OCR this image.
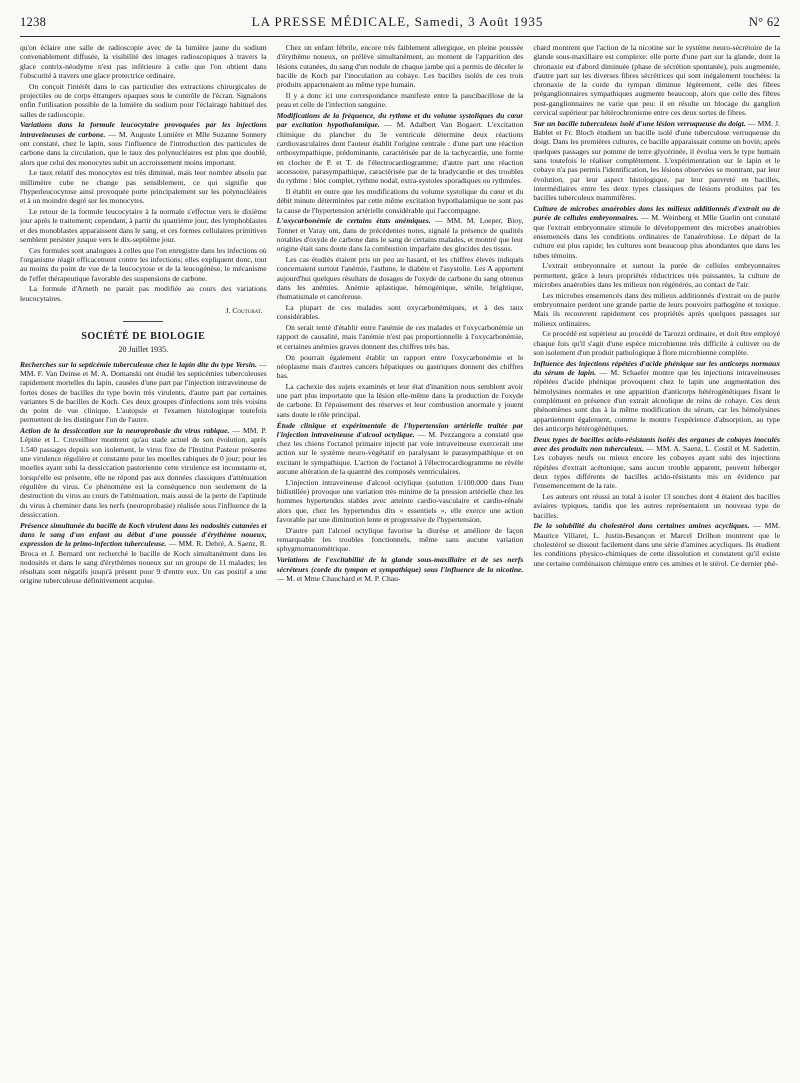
1238	LA PRESSE MÉDICALE, Samedi, 3 Août 1935	N° 62

qu'on éclaire une salle de radioscopie avec de la lumière jaune du sodium convenablement diffusée, la visibilité des images radioscopiques à travers la glace contrix-néodyme n'est pas inférieure à celle que l'on obtient dans l'obscurité à travers une glace protectrice ordinaire.

On conçoit l'intérêt dans le cas particulier des extractions chirurgicales de projectiles ou de corps étrangers opaques sous le contrôle de l'écran. Signalons enfin l'utilisation possible de la lumière du sodium pour l'éclairage habituel des salles de radioscopie.

Variations dans la formule leucocytaire provoquées par les injections intraveineuses de carbone. — M. Auguste Lumière et Mlle Suzanne Sonnery ont constaté, chez le lapin, sous l'influence de l'introduction des particules de carbone dans la circulation, que le taux des polynucléaires est plus que doublé, alors que celui des monocytes subit un accroissement moins important.

Le taux relatif des monocytes est très diminué, mais leur nombre absolu par millimètre cube ne change pas sensiblement, ce qui signifie que l'hyperleucocytose ainsi provoquée porte principalement sur les polynucléaires et à un moindre degré sur les monocytes.

Le retour de la formule leucocytaire à la normale s'effectue vers le dixième jour après le traitement; cependant, à partir du quatrième jour, des lymphoblastes et des monoblastes apparaissent dans le sang, et ces formes cellulaires primitives semblent persister jusque vers le dix-septième jour.

Ces formules sont analogues à celles que l'on enregistre dans les infections où l'organisme réagit efficacement contre les infections; elles expliquent donc, tout au moins du point de vue de la leucocytose et de la leucogénèse, le mécanisme de l'effet thérapeutique favorable des suspensions de carbone.

La formule d'Arneth ne parait pas modifiée au cours des variations leucocytaires.

J. Couturat.

SOCIÉTÉ DE BIOLOGIE

20 Juillet 1935.

Recherches sur la septicémie tuberculeuse chez le lapin dite du type Yersin. — MM. F. Van Deinse et M. A. Domanski ont étudié les septicémies tuberculeuses rapidement mortelles du lapin, causées d'une part par l'injection intraveineuse de fortes doses de bacilles du type bovin très virulents, d'autre part par certaines variantes S de bacilles de Koch. Ces deux groupes d'infections sont très voisins du point de vue clinique. L'autopsie et l'examen histologique toutefois permettent de les distinguer l'un de l'autre.

Action de la dessiccation sur la neuroprobasie du virus rabique. — MM. P. Lépine et L. Cruveilhier montrent qu'au stade actuel de son évolution, après 1.540 passages depuis son isolement, le virus fixe de l'Institut Pasteur présente une virulence régulière et constante pour les moelles rabiques de 0 jour; pour les moelles ayant subi la dessiccation pastorienne cette virulence est inconstante et, lorsqu'elle est présente, elle ne répond pas aux données classiques d'atténuation régulière du virus. Ce phénomène est la conséquence non seulement de la destruction du virus au cours de l'atténuation, mais aussi de la perte de l'aptitude du virus à cheminer dans les nerfs (neuroprobasie) réalisée sous l'influence de la dessiccation.

Présence simultanée du bacille de Koch virulent dans les nodosités cutanées et dans le sang d'un enfant au début d'une poussée d'érythème noueux, expression de la primo-infection tuberculeuse. — MM. R. Debré, A. Saenz, R. Broca et J. Bernard ont recherché le bacille de Koch simultanément dans les nodosités et dans le sang d'érythèmes noueux sur un groupe de 11 malades; les résultats sont négatifs jusqu'à présent pour 9 d'entre eux. Un cas positif a une origine tuberculeuse définitivement acquise.

Chez un enfant fébrile, encore très faiblement allergique, en pleine poussée d'érythème noueux, on prélève simultanément, au moment de l'apparition des lésions cutanées, du sang d'un nodule de chaque jambe qui a permis de déceler le bacille de Koch par l'inoculation au cobaye. Les bacilles isolés de ces trois produits appartenaient au même type humain.

Il y a donc ici une correspondance manifeste entre la paucibacillose de la peau et celle de l'infection sanguine.

Modifications de la fréquence, du rythme et du volume systoliques du cœur par excitation hypothalamique. — M. Adalbert Van Bogaert. L'excitation chimique du plancher du 3e ventricule détermine deux réactions cardiovasculaires dont l'auteur établit l'origine centrale : d'une part une réaction orthosympathique, prédominante, caractérisée par de la tachycardie, une forme en clocher de P. et T. de l'électrocardiogramme; d'autre part une réaction accessoire, parasympathique, caractérisée par de la bradycardie et des troubles du rythme : bloc complet, rythme nodal, extra-systoles sporadiques ou rythmées.

Il établit en outre que les modifications du volume systolique du cœur et du débit minute déterminées par cette même excitation hypothalamique ne sont pas la cause de l'hypertension artérielle considérable qui l'accompagne.

L'oxycarbonémie de certains états anémiques. — MM. M. Loeper, Bioy, Tonnet et Varay ont, dans de précédentes notes, signalé la présence de qualités notables d'oxyde de carbone dans le sang de certains malades, et montré que leur origine était sans doute dans la combustion imparfaite des glucides des tissus.

Les cas étudiés étaient pris un peu au hasard, et les chiffres élevés indiqués concernaient surtout l'anémie, l'asthme, le diabète et l'asystolie. Les A apportent aujourd'hui quelques résultats de dosages de l'oxyde de carbone du sang obtenus dans les anémies. Anémie aplastique, hémogénique, sénile, brightique, rhumatismale et cancéreuse.

La plupart de ces malades sont oxycarbonémiques, et à des taux considérables.

On serait tenté d'établir entre l'anémie de ces malades et l'oxycarbonémie un rapport de causalité, mais l'anémie n'est pas proportionnelle à l'oxycarbonémie, et certaines anémies graves donnent des chiffres très bas.

On pourrait également établir un rapport entre l'oxycarbonémie et le néoplasme mais d'autres cancers hépatiques ou gastriques donnent des chiffres bas.

La cachexie des sujets examinés et leur état d'inanition nous semblent avoir une part plus importante que la lésion elle-même dans la production de l'oxyde de carbone. Et l'épuisement des réserves et leur combustion anormale y jouent sans doute le rôle principal.

Étude clinique et expérimentale de l'hypertension artérielle traitée par l'injection intraveineuse d'alcool octylique. — M. Pezzangora a constaté que chez les chiens l'octanol primaire injecté par voie intraveineuse exercerait une action sur le système neuro-végétatif en paralysant le parasympathique et en excitant le sympathique. L'action de l'octanol à l'électrocardiogramme ne révèle aucune altération de la quantité des composés ventriculaires.

L'injection intraveineuse d'alcool octylique (solution 1/100.000 dans l'eau bidistillée) provoque une variation très minime de la pression artérielle chez les hommes hypertendus stables avec atteinte cardio-vasculaire et cardio-rénale alors que, chez les hypertendus dits « essentiels », elle exerce une action favorable par une diminution lente et progressive de l'hypertension.

D'autre part l'alcool octylique favorise la diurèse et améliore de façon remarquable les troubles fonctionnels, même sans aucune variation sphygmomanométrique.

Variations de l'excitabilité de la glande sous-maxillaire et de ses nerfs sécréteurs (corde du tympan et sympathique) sous l'influence de la nicotine. — M. et Mme Chauchard et M. P. Chau-

chard montrent que l'action de la nicotine sur le système neuro-sécrétoire de la glande sous-maxillaire est complexe: elle porte d'une part sur la glande, dont la chronaxie est d'abord diminuée (phase de sécrétion spontanée), puis augmentée, d'autre part sur les diverses fibres sécrétrices qui sont inégalement touchées: la chronaxie de la corde du tympan diminue légèrement, celle des fibres préganglionnaires sympathiques augmente beaucoup, alors que celle des fibres post-ganglionnaires ne varie que peu: il en résulte un blocage du ganglion cervical supérieur par hétérochronisme entre ces deux sortes de fibres.

Sur un bacille tuberculeux isolé d'une lésion verruqueuse du doigt. — MM. J. Bablet et Fr. Bloch étudient un bacille isolé d'une tuberculose verruqueuse du doigt. Dans les premières cultures, ce bacille apparaissait comme un bovin; après quelques passages sur pomme de terre glycérinée, il évolua vers le type humain sans toutefois le réaliser complètement. L'expérimentation sur le lapin et le cobaye n'a pas permis l'identification, les lésions observées se montrant, par leur évolution, par leur aspect histologique, par leur pauvreté en bacilles, intermédiaires entre les deux types classiques de lésions produites par les bacilles tuberculeux mammifères.

Culture de microbes anaérobies dans les milieux additionnés d'extrait ou de purée de cellules embryonnaires. — M. Weinberg et Mlle Guelin ont constaté que l'extrait embryonnaire stimule le développement des microbes anaérobies ensemencés dans les conditions ordinaires de l'anaérobiose. Le départ de la culture est plus rapide; les cultures sont beaucoup plus abondantes que dans les tubes témoins.

L'extrait embryonnaire et surtout la purée de cellules embryonnaires permettent, grâce à leurs propriétés réductrices très puissantes, la culture de microbes anaérobies dans les milieux non régénérés, au contact de l'air.

Les microbes ensemencés dans des milieux additionnés d'extrait ou de purée embryonnaire perdent une grande partie de leurs pouvoirs pathogène et toxique. Mais ils recouvrent rapidement ces propriétés après quelques passages sur milieux ordinaires.

Ce procédé est supérieur au procédé de Tarozzi ordinaire, et doit être employé chaque fois qu'il s'agit d'une espèce microbienne très difficile à cultiver ou de son isolement d'un produit pathologique à flore microbienne complète.

Influence des injections répétées d'acide phénique sur les anticorps normaux du sérum de lapin. — M. Schaefer montre que les injections intraveineuses répétées d'acide phénique provoquent chez le lapin une augmentation des hémolysines normales et une apparition d'anticorps hétérogénétiques fixant le complément en présence d'un extrait alcoolique de reins de cobaye. Ces deux phénomènes sont dus à la même modification du sérum, car les hémolysines appartiennent également, comme le montre l'expérience d'absorption, au type des anticorps hétérogénétiques.

Deux types de bacilles acido-résistants isolés des organes de cobayes inoculés avec des produits non tuberculeux. — MM. A. Saenz, L. Costil et M. Sadettin. Les cobayes neufs ou mieux encore les cobayes ayant subi des injections répétées d'extrait acétonique, sans aucun trouble apparent, peuvent héberger deux types différents de bacilles acido-résistants mis en évidence par l'ensemencement de la rate.

Les auteurs ont réussi au total à isoler 13 souches dont 4 étaient des bacilles aviaires typiques, tandis que les autres représentaient un nouveau type de bacilles.

De la solubilité du cholestérol dans certaines amines acycliques. — MM. Maurice Villaret, L. Justin-Besançon et Marcel Drilhon montrent que le cholestérol se dissout facilement dans une série d'amines acycliques. Ils étudient les conditions physico-chimiques de cette dissolution et constatent qu'il existe une certaine combinaison chimique entre ces amines et le stérol. Ce dernier phé-
